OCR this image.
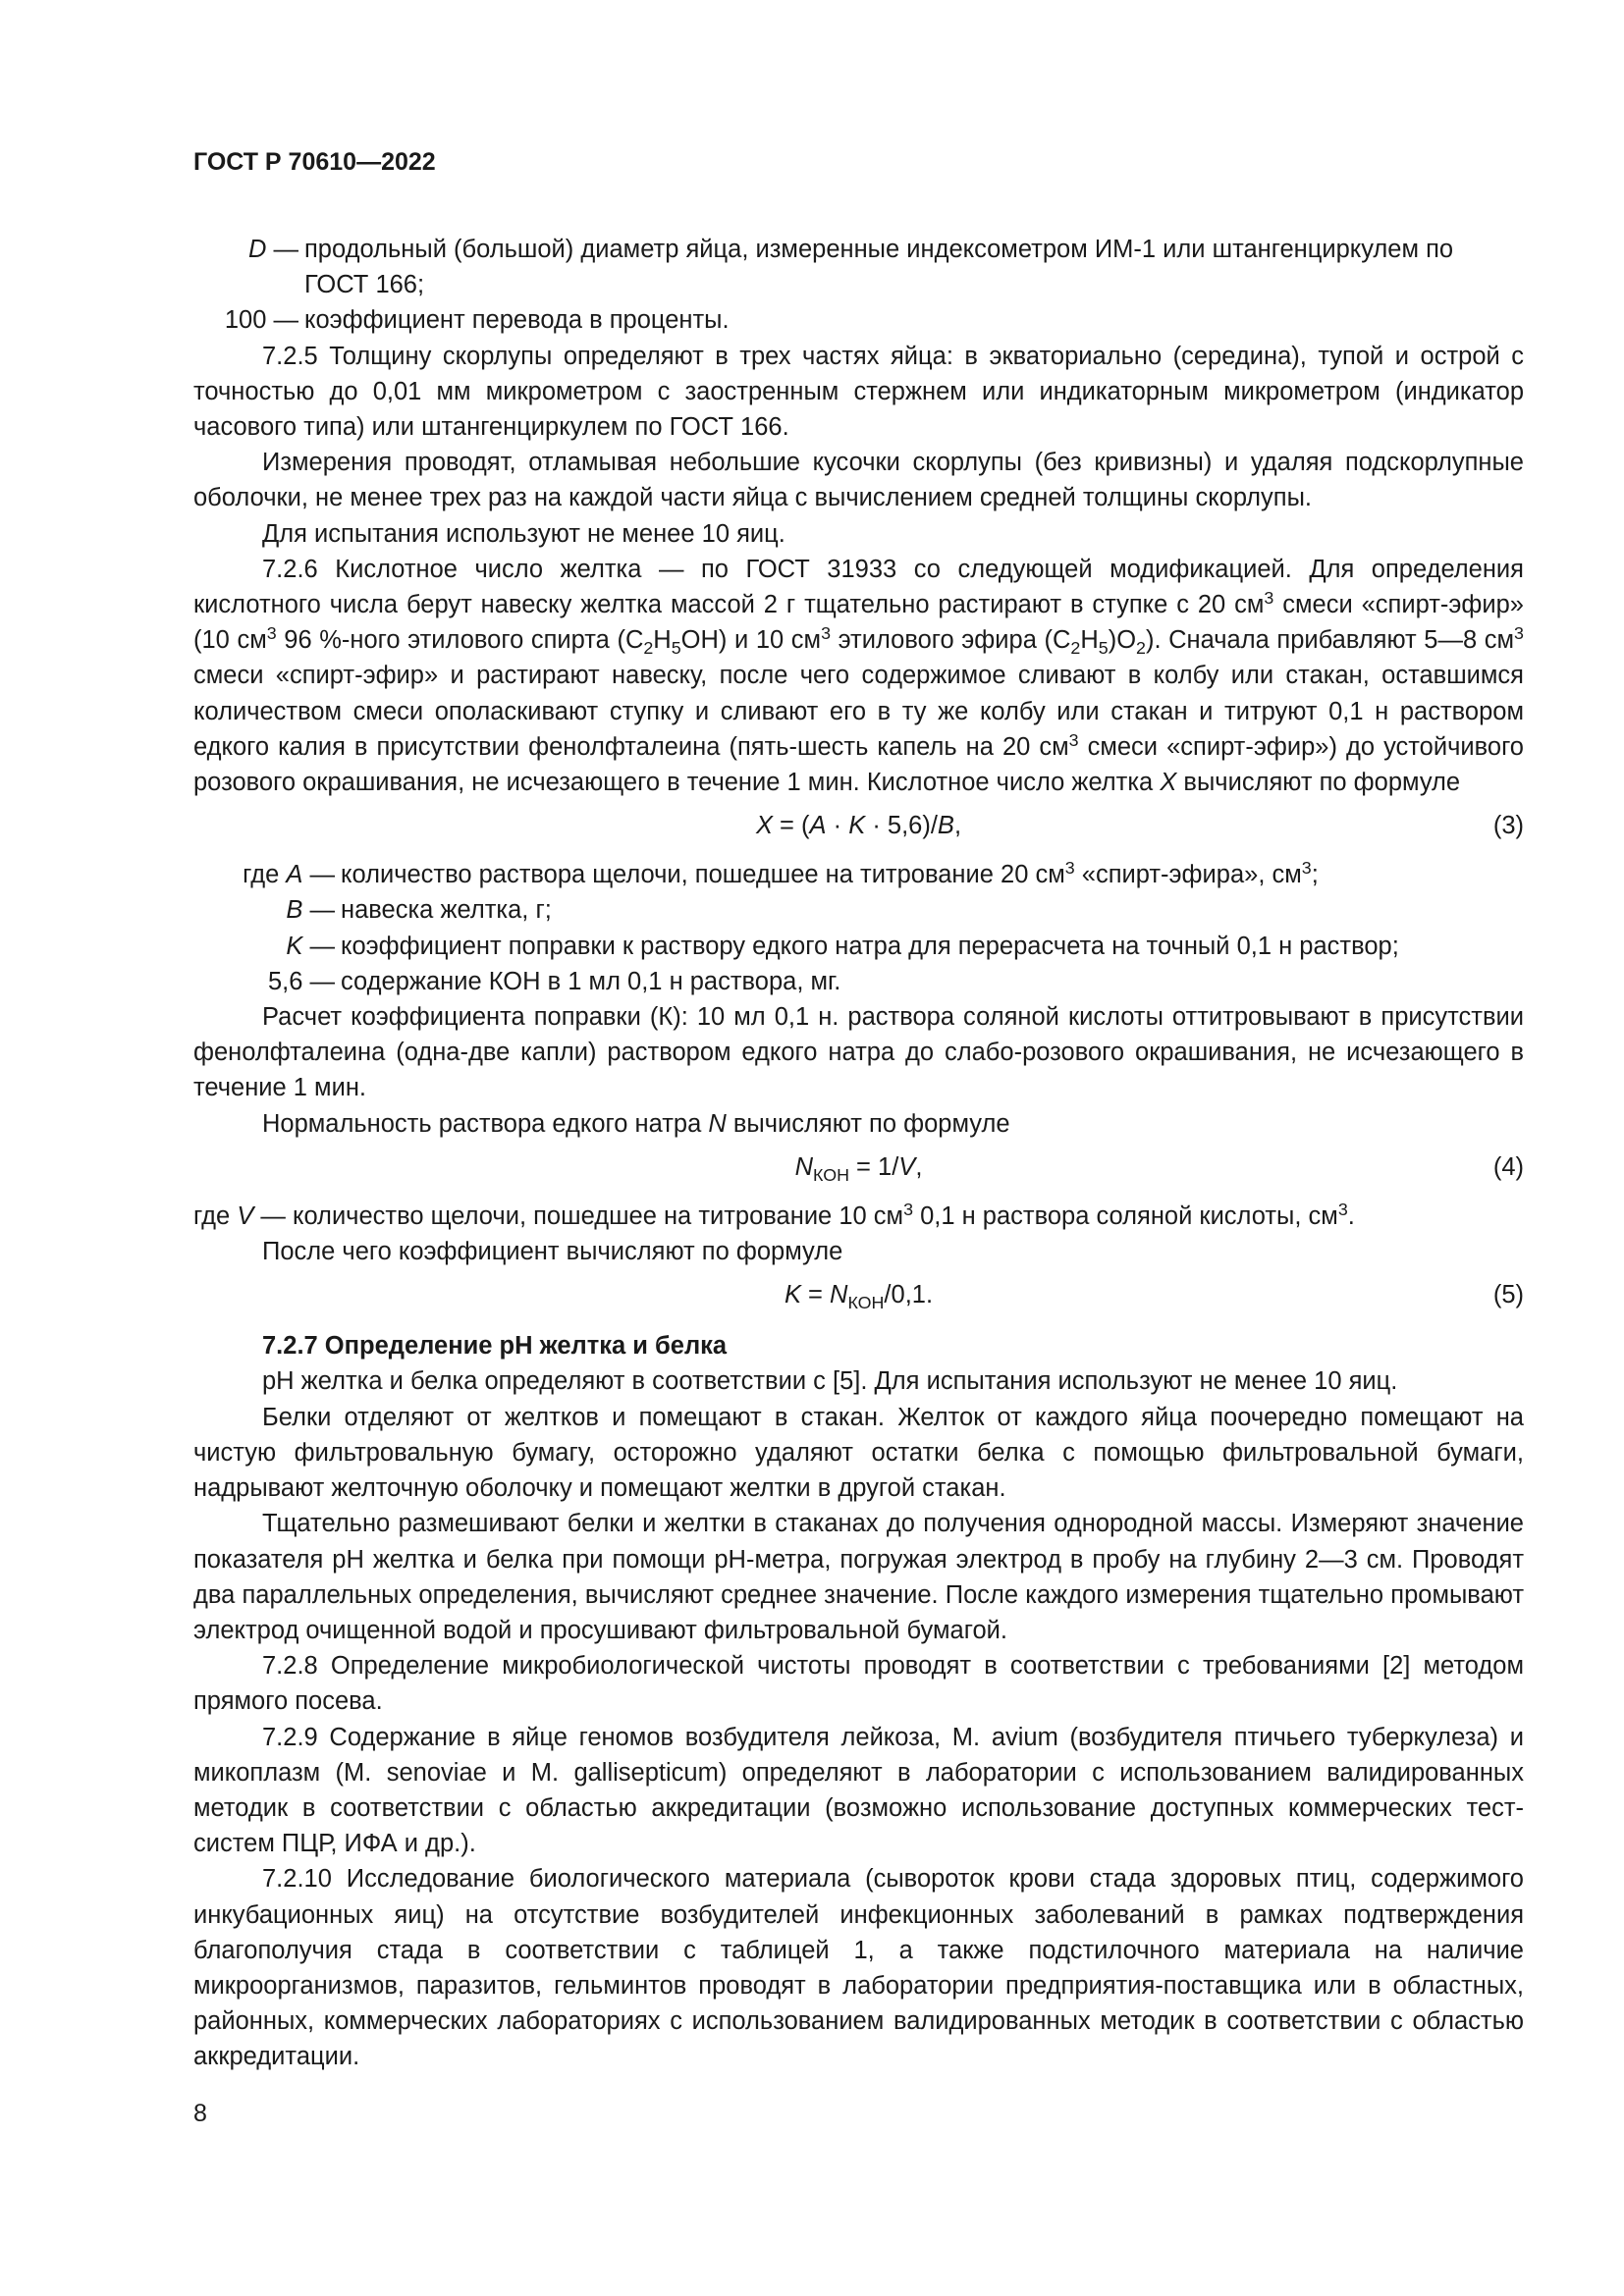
ГОСТ Р 70610—2022

D — продольный (большой) диаметр яйца, измеренные индексометром ИМ-1 или штангенциркулем по ГОСТ 166;

100 — коэффициент перевода в проценты.

7.2.5 Толщину скорлупы определяют в трех частях яйца: в экваториально (середина), тупой и острой с точностью до 0,01 мм микрометром с заостренным стержнем или индикаторным микрометром (индикатор часового типа) или штангенциркулем по ГОСТ 166.

Измерения проводят, отламывая небольшие кусочки скорлупы (без кривизны) и удаляя подскорлупные оболочки, не менее трех раз на каждой части яйца с вычислением средней толщины скорлупы.

Для испытания используют не менее 10 яиц.

7.2.6 Кислотное число желтка — по ГОСТ 31933 со следующей модификацией. Для определения кислотного числа берут навеску желтка массой 2 г тщательно растирают в ступке с 20 $см^3$ смеси «спирт-эфир» (10 $см^3$ 96 %-ного этилового спирта $(C_2H_5OH)$ и 10 $см^3$ этилового эфира $(C_2H_5)O_2$). Сначала прибавляют 5—8 $см^3$ смеси «спирт-эфир» и растирают навеску, после чего содержимое сливают в колбу или стакан, оставшимся количеством смеси ополаскивают ступку и сливают его в ту же колбу или стакан и титруют 0,1 н раствором едкого калия в присутствии фенолфталеина (пять-шесть капель на 20 $см^3$ смеси «спирт-эфир») до устойчивого розового окрашивания, не исчезающего в течение 1 мин. Кислотное число желтка X вычисляют по формуле

X = (A · K · 5,6)/B,	(3)

где A — количество раствора щелочи, пошедшее на титрование 20 $см^3$ «спирт-эфира», $см^3$;

B — навеска желтка, г;

K — коэффициент поправки к раствору едкого натра для перерасчета на точный 0,1 н раствор;

5,6 — содержание КОН в 1 мл 0,1 н раствора, мг.

Расчет коэффициента поправки (К): 10 мл 0,1 н. раствора соляной кислоты оттитровывают в присутствии фенолфталеина (одна-две капли) раствором едкого натра до слабо-розового окрашивания, не исчезающего в течение 1 мин.

Нормальность раствора едкого натра N вычисляют по формуле

$N_{КОН} = 1/V$,	(4)

где V — количество щелочи, пошедшее на титрование 10 $см^3$ 0,1 н раствора соляной кислоты, $см^3$.

После чего коэффициент вычисляют по формуле

$K = N_{КОН}/0,1$.	(5)

7.2.7 Определение рН желтка и белка

рН желтка и белка определяют в соответствии с [5]. Для испытания используют не менее 10 яиц.

Белки отделяют от желтков и помещают в стакан. Желток от каждого яйца поочередно помещают на чистую фильтровальную бумагу, осторожно удаляют остатки белка с помощью фильтровальной бумаги, надрывают желточную оболочку и помещают желтки в другой стакан.

Тщательно размешивают белки и желтки в стаканах до получения однородной массы. Измеряют значение показателя рН желтка и белка при помощи рН-метра, погружая электрод в пробу на глубину 2—3 см. Проводят два параллельных определения, вычисляют среднее значение. После каждого измерения тщательно промывают электрод очищенной водой и просушивают фильтровальной бумагой.

7.2.8 Определение микробиологической чистоты проводят в соответствии с требованиями [2] методом прямого посева.

7.2.9 Содержание в яйце геномов возбудителя лейкоза, M. avium (возбудителя птичьего туберкулеза) и микоплазм (M. senoviae и M. gallisepticum) определяют в лаборатории с использованием валидированных методик в соответствии с областью аккредитации (возможно использование доступных коммерческих тест-систем ПЦР, ИФА и др.).

7.2.10 Исследование биологического материала (сывороток крови стада здоровых птиц, содержимого инкубационных яиц) на отсутствие возбудителей инфекционных заболеваний в рамках подтверждения благополучия стада в соответствии с таблицей 1, а также подстилочного материала на наличие микроорганизмов, паразитов, гельминтов проводят в лаборатории предприятия-поставщика или в областных, районных, коммерческих лабораториях с использованием валидированных методик в соответствии с областью аккредитации.

8
